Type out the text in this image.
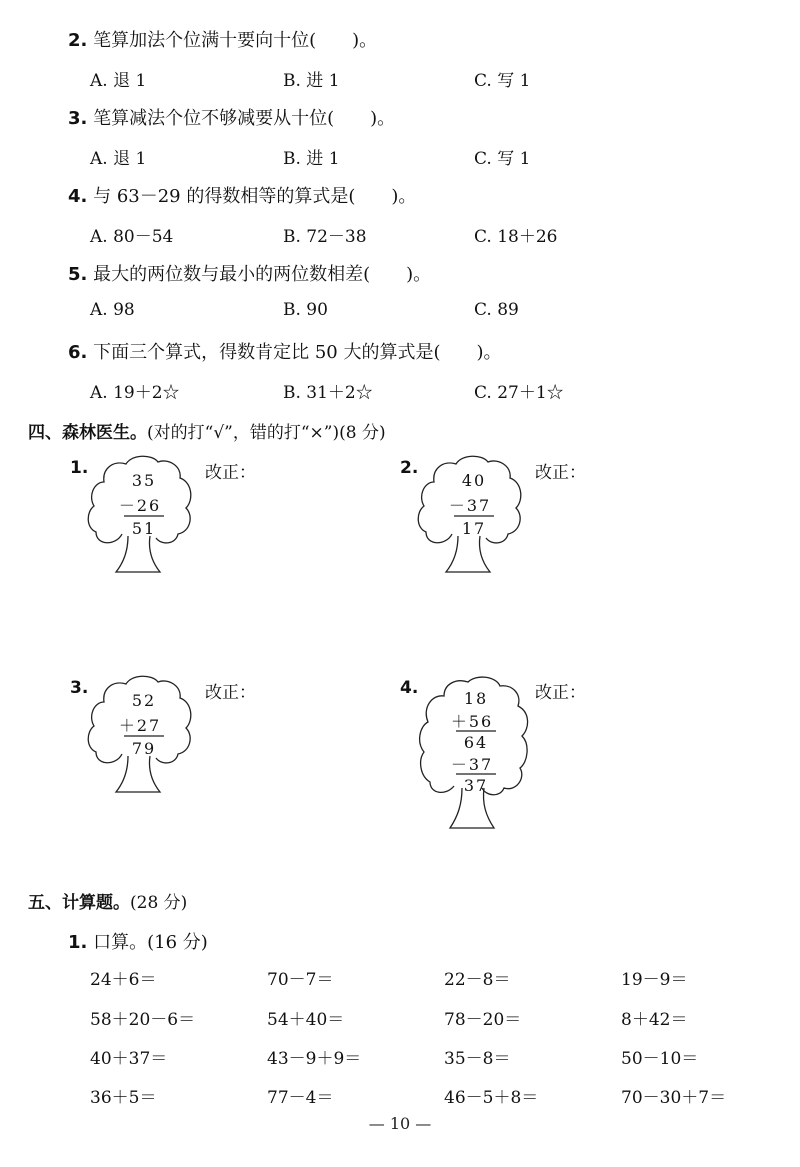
2. 笔算加法个位满十要向十位(　　)。
A. 退 1	B. 进 1	C. 写 1
3. 笔算减法个位不够减要从十位(　　)。
A. 退 1	B. 进 1	C. 写 1
4. 与 63－29 的得数相等的算式是(　　)。
A. 80－54	B. 72－38	C. 18＋26
5. 最大的两位数与最小的两位数相差(　　)。
A. 98	B. 90	C. 89
6. 下面三个算式，得数肯定比 50 大的算式是(　　)。
A. 19＋2☆	B. 31＋2☆	C. 27＋1☆
四、森林医生。(对的打“√”，错的打“×”)(8 分)
1.
35
－26
51
改正：	2.
40
－37
17
改正：
3.
52
＋27
79
改正：	4.
18
＋56
64
－37
37
改正：
五、计算题。(28 分)
1. 口算。(16 分)
24＋6＝	70－7＝	22－8＝	19－9＝
58＋20－6＝	54＋40＝	78－20＝	8＋42＝
40＋37＝	43－9＋9＝	35－8＝	50－10＝
36＋5＝	77－4＝	46－5＋8＝	70－30＋7＝
— 10 —
